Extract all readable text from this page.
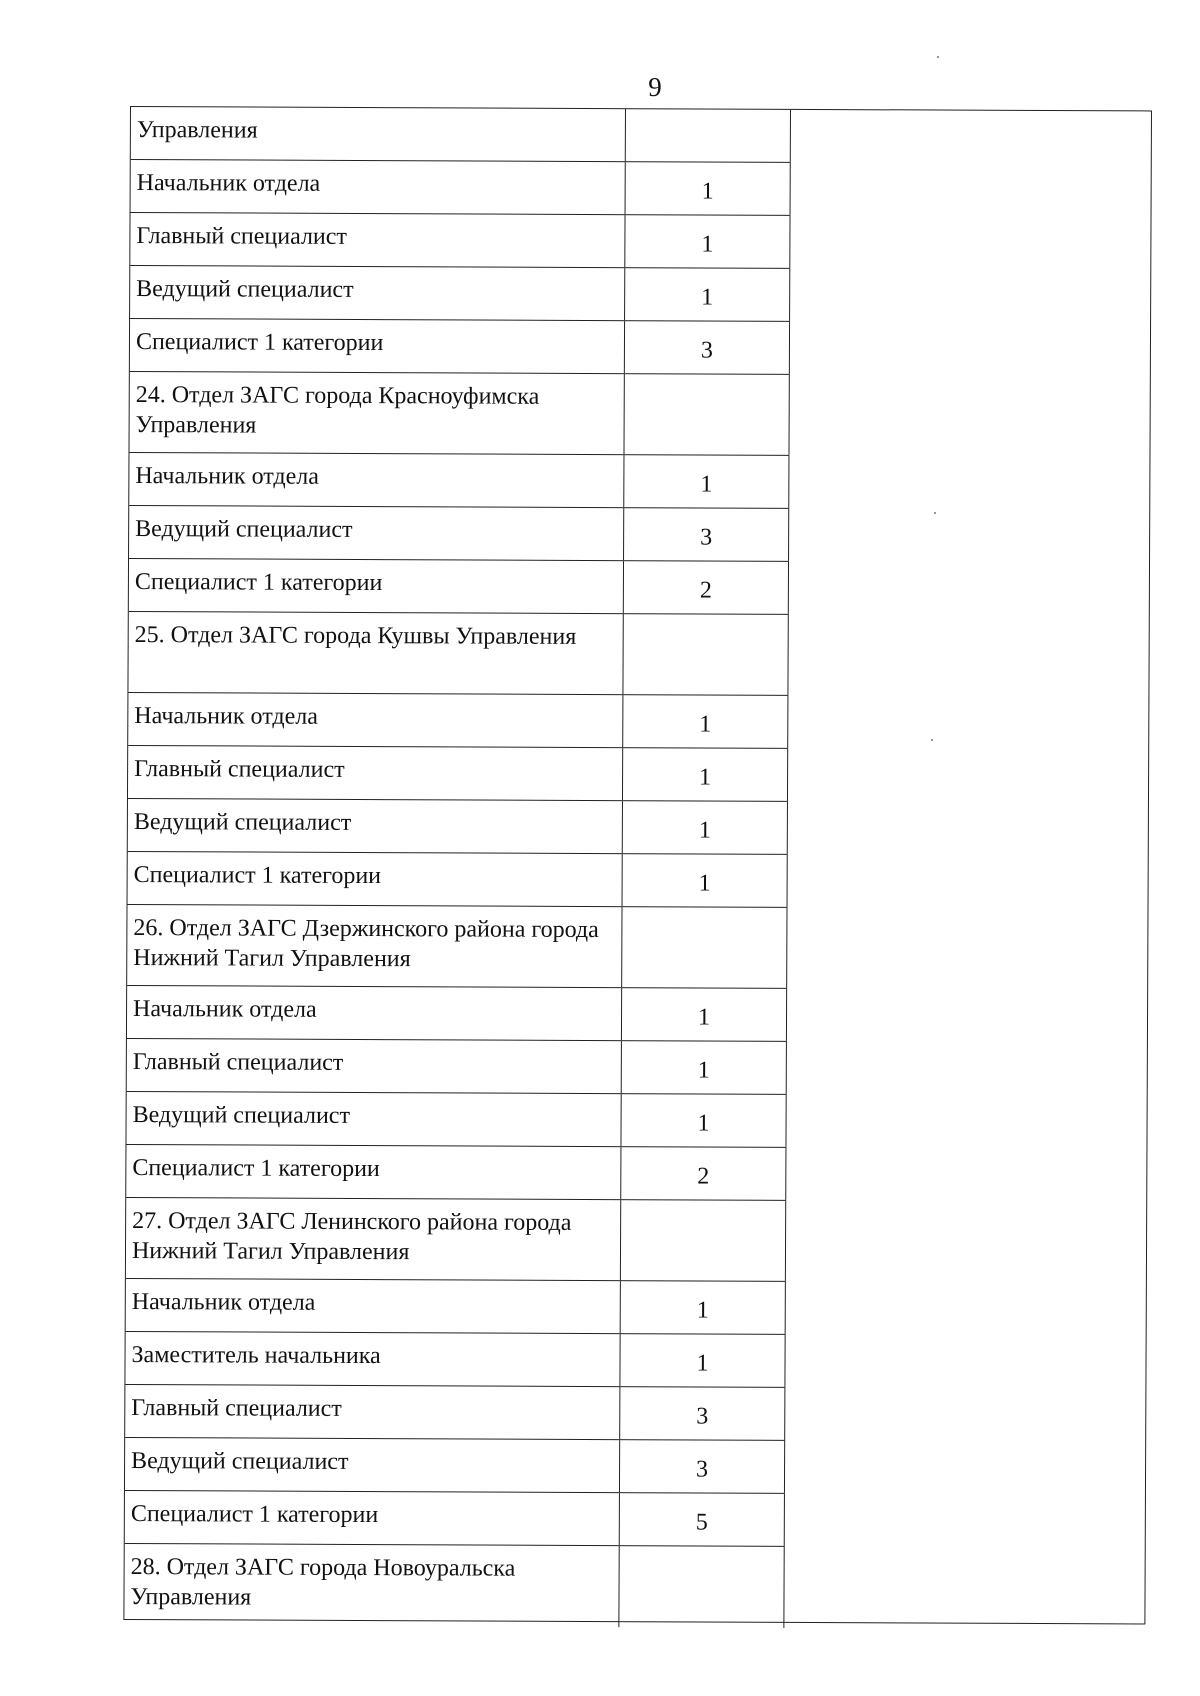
9
Управления
Начальник отдела	1
Главный специалист	1
Ведущий специалист	1
Специалист 1 категории	3
24. Отдел ЗАГС города Красноуфимска Управления
Начальник отдела	1
Ведущий специалист	3
Специалист 1 категории	2
25. Отдел ЗАГС города Кушвы Управления
Начальник отдела	1
Главный специалист	1
Ведущий специалист	1
Специалист 1 категории	1
26. Отдел ЗАГС Дзержинского района города Нижний Тагил Управления
Начальник отдела	1
Главный специалист	1
Ведущий специалист	1
Специалист 1 категории	2
27. Отдел ЗАГС Ленинского района города Нижний Тагил Управления
Начальник отдела	1
Заместитель начальника	1
Главный специалист	3
Ведущий специалист	3
Специалист 1 категории	5
28. Отдел ЗАГС города Новоуральска Управления
